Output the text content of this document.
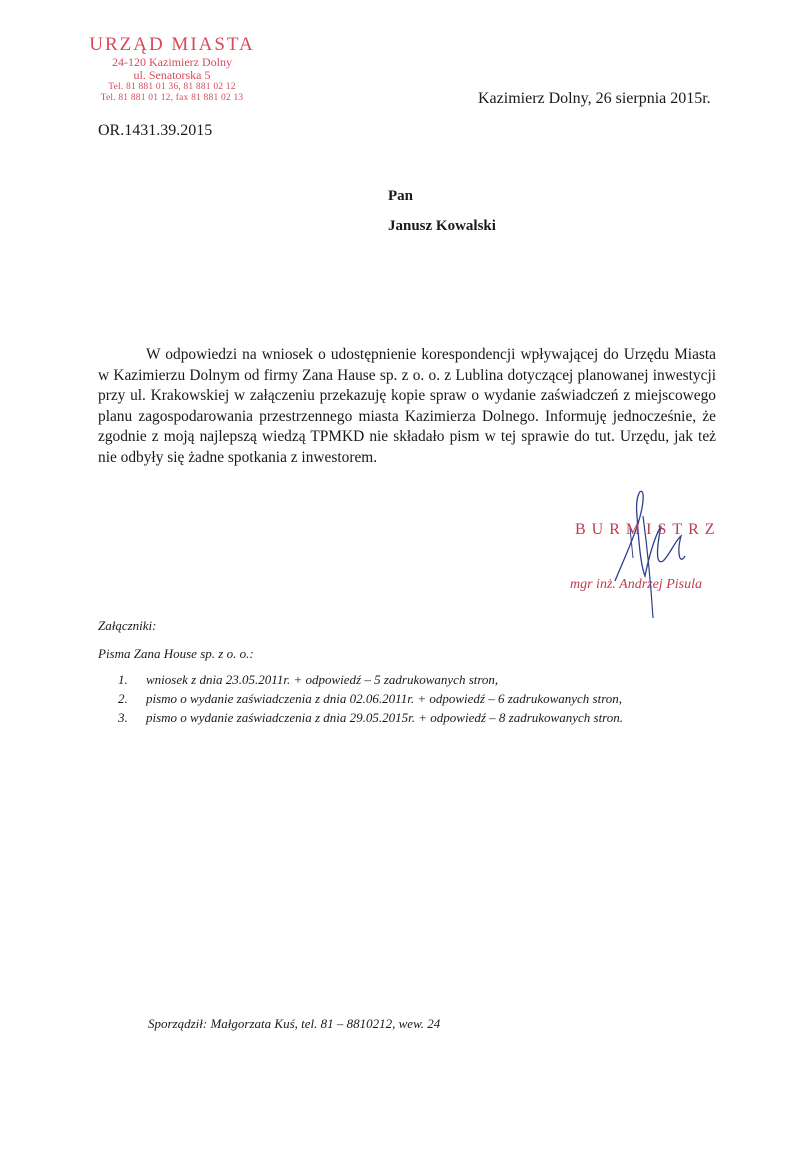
URZĄD MIASTA
24-120 Kazimierz Dolny
ul. Senatorska 5
Tel. 81 881 01 36, 81 881 02 12
Tel. 81 881 01 12, fax 81 881 02 13	Kazimierz Dolny, 26 sierpnia 2015r.
OR.1431.39.2015
Pan
Janusz Kowalski
W odpowiedzi na wniosek o udostępnienie korespondencji wpływającej do Urzędu Miasta w Kazimierzu Dolnym od firmy Zana Hause sp. z o. o. z Lublina dotyczącej planowanej inwestycji przy ul. Krakowskiej w załączeniu przekazuję kopie spraw o wydanie zaświadczeń z miejscowego planu zagospodarowania przestrzennego miasta Kazimierza Dolnego. Informuję jednocześnie, że zgodnie z moją najlepszą wiedzą TPMKD nie składało pism w tej sprawie do tut. Urzędu, jak też nie odbyły się żadne spotkania z inwestorem.
BURMISTRZ
mgr inż. Andrzej Pisula
Załączniki:
Pisma Zana House sp. z o. o.:
1.	wniosek z dnia 23.05.2011r. + odpowiedź – 5 zadrukowanych stron,
2.	pismo o wydanie zaświadczenia z dnia 02.06.2011r. + odpowiedź – 6 zadrukowanych stron,
3.	pismo o wydanie zaświadczenia z dnia 29.05.2015r. + odpowiedź – 8 zadrukowanych stron.
Sporządził: Małgorzata Kuś, tel. 81 – 8810212, wew. 24
